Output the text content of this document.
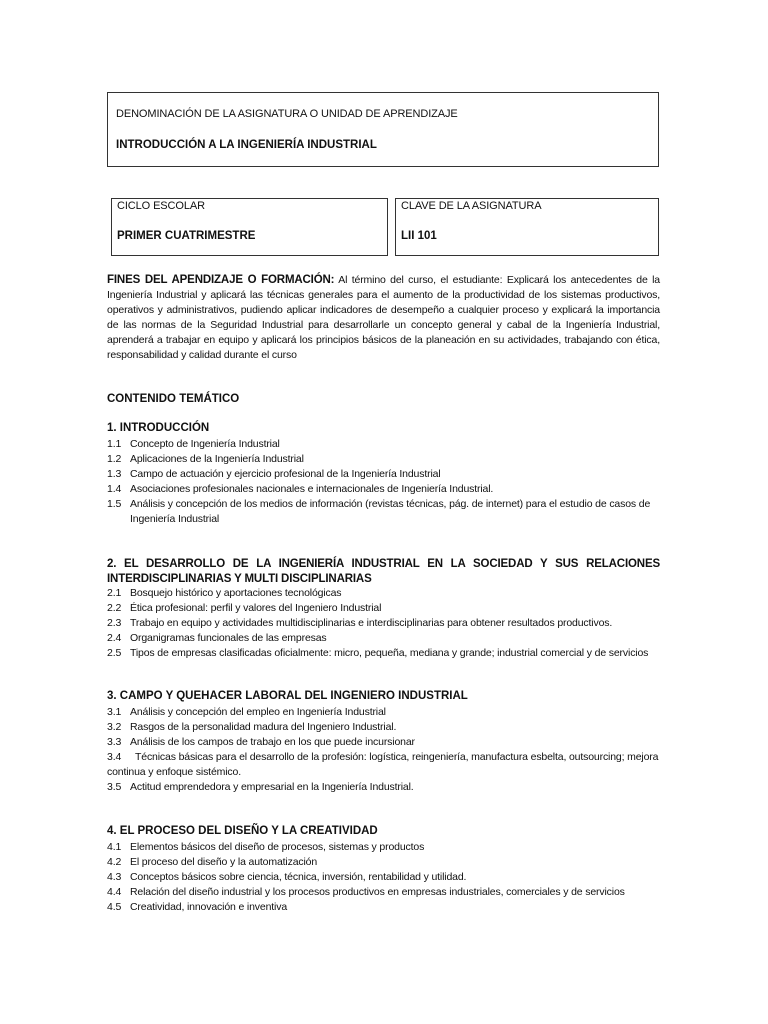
DENOMINACIÓN DE LA ASIGNATURA O UNIDAD DE APRENDIZAJE
INTRODUCCIÓN A LA INGENIERÍA INDUSTRIAL
CICLO ESCOLAR
PRIMER CUATRIMESTRE
CLAVE DE LA ASIGNATURA
LII 101
FINES DEL APENDIZAJE O FORMACIÓN: Al término del curso, el estudiante: Explicará los antecedentes de la Ingeniería Industrial y aplicará las técnicas generales para el aumento de la productividad de los sistemas productivos, operativos y administrativos, pudiendo aplicar indicadores de desempeño a cualquier proceso y explicará la importancia de las normas de la Seguridad Industrial para desarrollarle un concepto general y cabal de la Ingeniería Industrial, aprenderá a trabajar en equipo y aplicará los principios básicos de la planeación en su actividades, trabajando con ética, responsabilidad y calidad durante el curso
CONTENIDO TEMÁTICO
1. INTRODUCCIÓN
1.1 Concepto de Ingeniería Industrial
1.2 Aplicaciones de la Ingeniería Industrial
1.3 Campo de actuación y ejercicio profesional de la Ingeniería Industrial
1.4 Asociaciones profesionales nacionales e internacionales de Ingeniería Industrial.
1.5 Análisis y concepción de los medios de información (revistas técnicas, pág. de internet) para el estudio de casos de Ingeniería Industrial
2. EL DESARROLLO DE LA INGENIERÍA INDUSTRIAL EN LA SOCIEDAD Y SUS RELACIONES INTERDISCIPLINARIAS Y MULTI DISCIPLINARIAS
2.1 Bosquejo histórico y aportaciones tecnológicas
2.2 Ética profesional: perfil y valores del Ingeniero Industrial
2.3 Trabajo en equipo y actividades multidisciplinarias e interdisciplinarias para obtener resultados productivos.
2.4 Organigramas funcionales de las empresas
2.5 Tipos de empresas clasificadas oficialmente: micro, pequeña, mediana y grande; industrial comercial y de servicios
3. CAMPO Y QUEHACER LABORAL DEL INGENIERO INDUSTRIAL
3.1 Análisis y concepción del empleo en Ingeniería Industrial
3.2 Rasgos de la personalidad madura del Ingeniero Industrial.
3.3 Análisis de los campos de trabajo en los que puede incursionar
3.4 Técnicas básicas para el desarrollo de la profesión: logística, reingeniería, manufactura esbelta, outsourcing; mejora continua y enfoque sistémico.
3.5 Actitud emprendedora y empresarial en la Ingeniería Industrial.
4. EL PROCESO DEL DISEÑO Y LA CREATIVIDAD
4.1 Elementos básicos del diseño de procesos, sistemas y productos
4.2 El proceso del diseño y la automatización
4.3 Conceptos básicos sobre ciencia, técnica, inversión, rentabilidad y utilidad.
4.4 Relación del diseño industrial y los procesos productivos en empresas industriales, comerciales y de servicios
4.5 Creatividad, innovación e inventiva
